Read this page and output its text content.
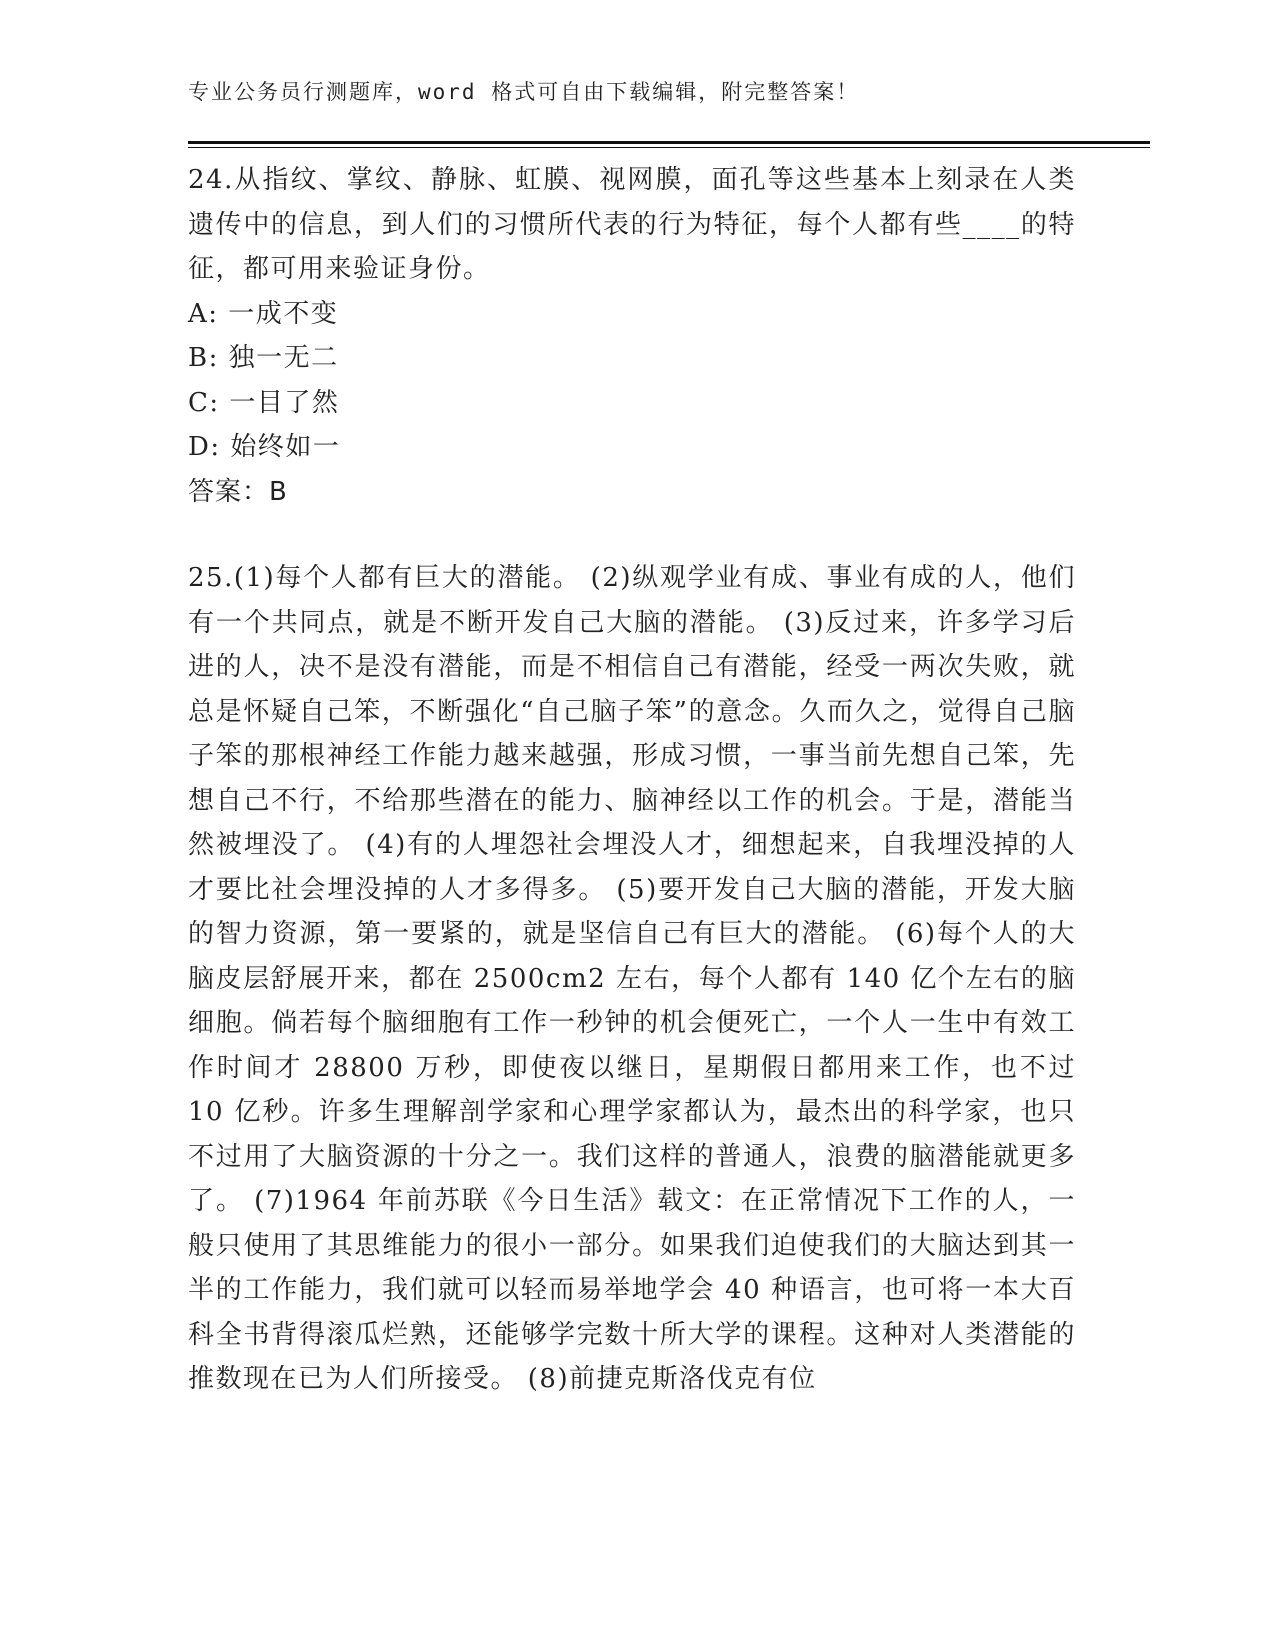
专业公务员行测题库，word 格式可自由下载编辑，附完整答案！

24.从指纹、掌纹、静脉、虹膜、视网膜，面孔等这些基本上刻录在人类遗传中的信息，到人们的习惯所代表的行为特征，每个人都有些____的特征，都可用来验证身份。

A: 一成不变
B: 独一无二
C: 一目了然
D: 始终如一

答案：B

25.(1)每个人都有巨大的潜能。 (2)纵观学业有成、事业有成的人，他们有一个共同点，就是不断开发自己大脑的潜能。 (3)反过来，许多学习后进的人，决不是没有潜能，而是不相信自己有潜能，经受一两次失败，就总是怀疑自己笨，不断强化“自己脑子笨”的意念。久而久之，觉得自己脑子笨的那根神经工作能力越来越强，形成习惯，一事当前先想自己笨，先想自己不行，不给那些潜在的能力、脑神经以工作的机会。于是，潜能当然被埋没了。 (4)有的人埋怨社会埋没人才，细想起来，自我埋没掉的人才要比社会埋没掉的人才多得多。 (5)要开发自己大脑的潜能，开发大脑的智力资源，第一要紧的，就是坚信自己有巨大的潜能。 (6)每个人的大脑皮层舒展开来，都在 2500cm2 左右，每个人都有 140 亿个左右的脑细胞。倘若每个脑细胞有工作一秒钟的机会便死亡，一个人一生中有效工作时间才 28800 万秒，即使夜以继日，星期假日都用来工作，也不过 10 亿秒。许多生理解剖学家和心理学家都认为，最杰出的科学家，也只不过用了大脑资源的十分之一。我们这样的普通人，浪费的脑潜能就更多了。 (7)1964 年前苏联《今日生活》载文：在正常情况下工作的人，一般只使用了其思维能力的很小一部分。如果我们迫使我们的大脑达到其一半的工作能力，我们就可以轻而易举地学会 40 种语言，也可将一本大百科全书背得滚瓜烂熟，还能够学完数十所大学的课程。这种对人类潜能的推数现在已为人们所接受。 (8)前捷克斯洛伐克有位
